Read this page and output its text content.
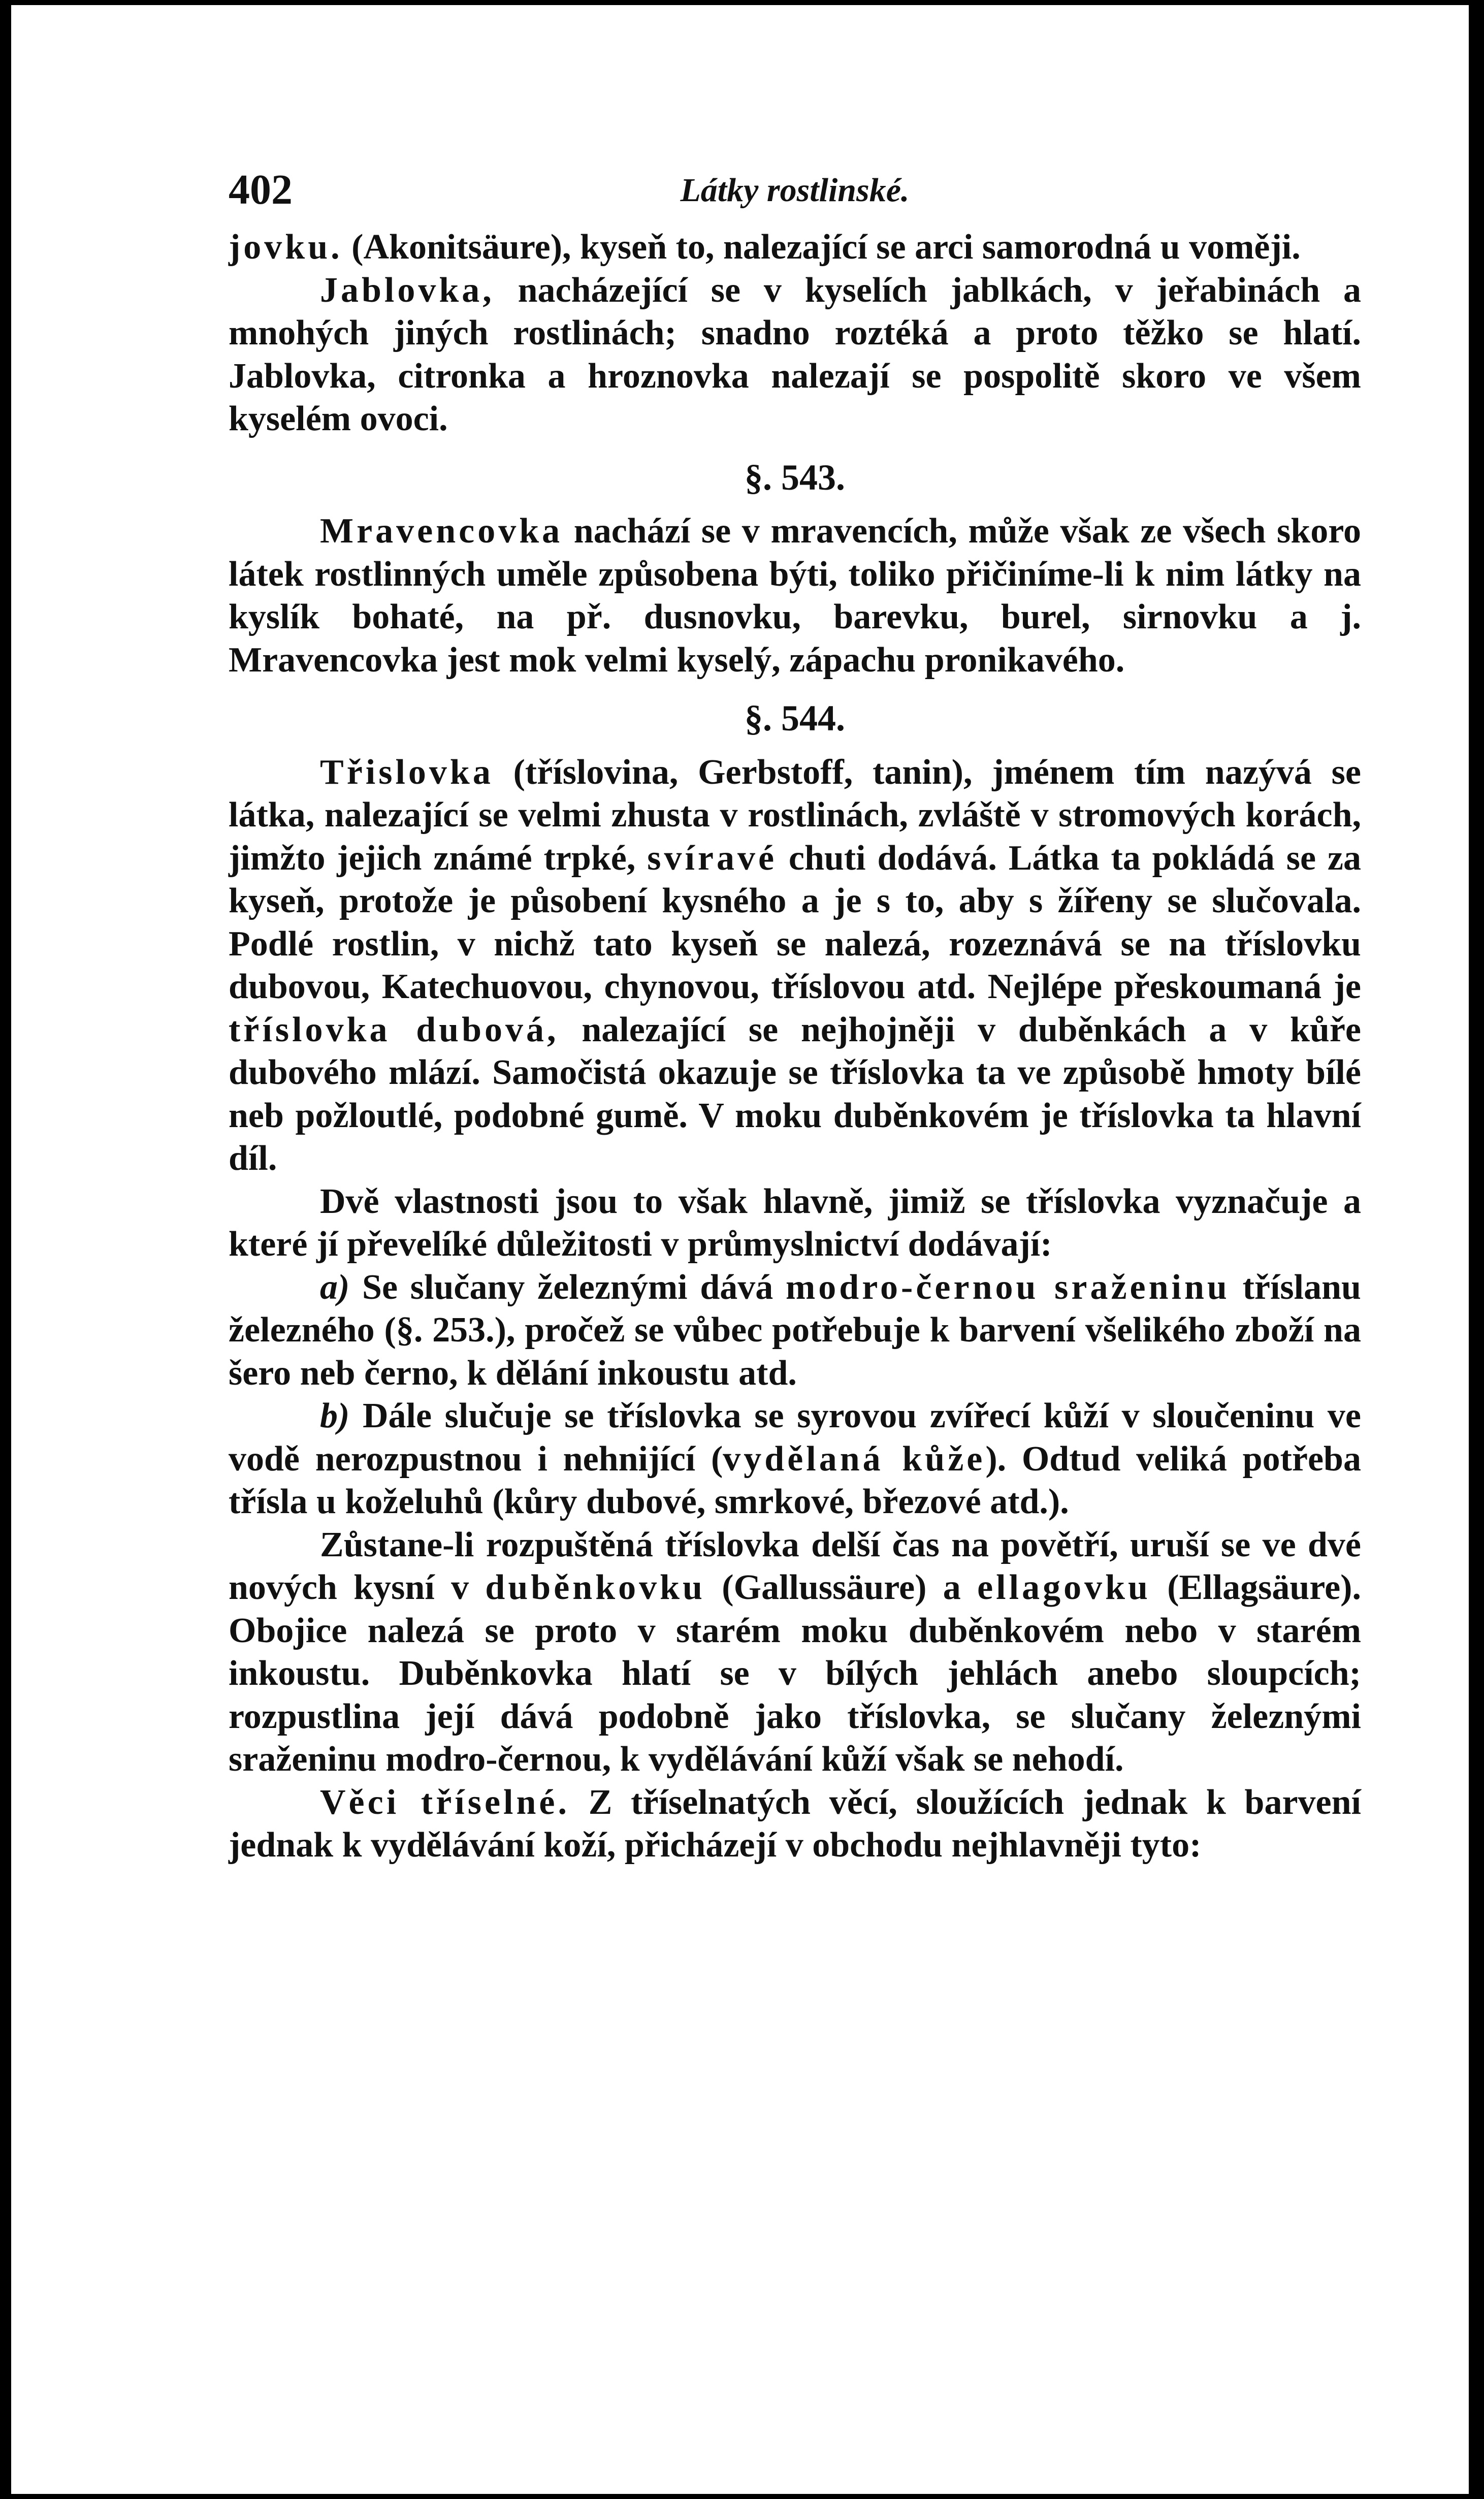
402	Látky rostlinské.

jovku. (Akonitsäure), kyseň to, nalezající se arci samorodná u voměji.

Jablovka, nacházející se v kyselích jablkách, v jeřabinách a mnohých jiných rostlinách; snadno roztéká a proto těžko se hlatí. Jablovka, citronka a hroznovka nalezají se pospolitě skoro ve všem kyselém ovoci.

§. 543.

Mravencovka nachází se v mravencích, může však ze všech skoro látek rostlinných uměle způsobena býti, toliko přičiníme-li k nim látky na kyslík bohaté, na př. dusnovku, barevku, burel, sirnovku a j. Mravencovka jest mok velmi kyselý, zápachu pronikavého.

§. 544.

Třislovka (tříslovina, Gerbstoff, tanin), jménem tím nazývá se látka, nalezající se velmi zhusta v rostlinách, zvláště v stromových korách, jimžto jejich známé trpké, svíravé chuti dodává. Látka ta pokládá se za kyseň, protože je působení kysného a je s to, aby s žířeny se slučovala. Podlé rostlin, v nichž tato kyseň se nalezá, rozeznává se na tříslovku dubovou, Katechuovou, chynovou, tříslovou atd. Nejlépe přeskoumaná je tříslovka dubová, nalezající se nejhojněji v duběnkách a v kůře dubového mlází. Samočistá okazuje se tříslovka ta ve způsobě hmoty bílé neb požloutlé, podobné gumě. V moku duběnkovém je tříslovka ta hlavní díl.

Dvě vlastnosti jsou to však hlavně, jimiž se tříslovka vyznačuje a které jí převelíké důležitosti v průmyslnictví dodávají:

a) Se slučany železnými dává modro-černou sraženinu tříslanu železného (§. 253.), pročež se vůbec potřebuje k barvení všelikého zboží na šero neb černo, k dělání inkoustu atd.

b) Dále slučuje se tříslovka se syrovou zvířecí kůží v sloučeninu ve vodě nerozpustnou i nehnijící (vydělaná kůže). Odtud veliká potřeba třísla u koželuhů (kůry dubové, smrkové, březové atd.).

Zůstane-li rozpuštěná tříslovka delší čas na povětří, uruší se ve dvé nových kysní v duběnkovku (Gallussäure) a ellagovku (Ellagsäure). Obojice nalezá se proto v starém moku duběnkovém nebo v starém inkoustu. Duběnkovka hlatí se v bílých jehlách anebo sloupcích; rozpustlina její dává podobně jako tříslovka, se slučany železnými sraženinu modro-černou, k vydělávání kůží však se nehodí.

Věci tříselné. Z tříselnatých věcí, sloužících jednak k barvení jednak k vydělávání koží, přicházejí v obchodu nejhlavněji tyto:
